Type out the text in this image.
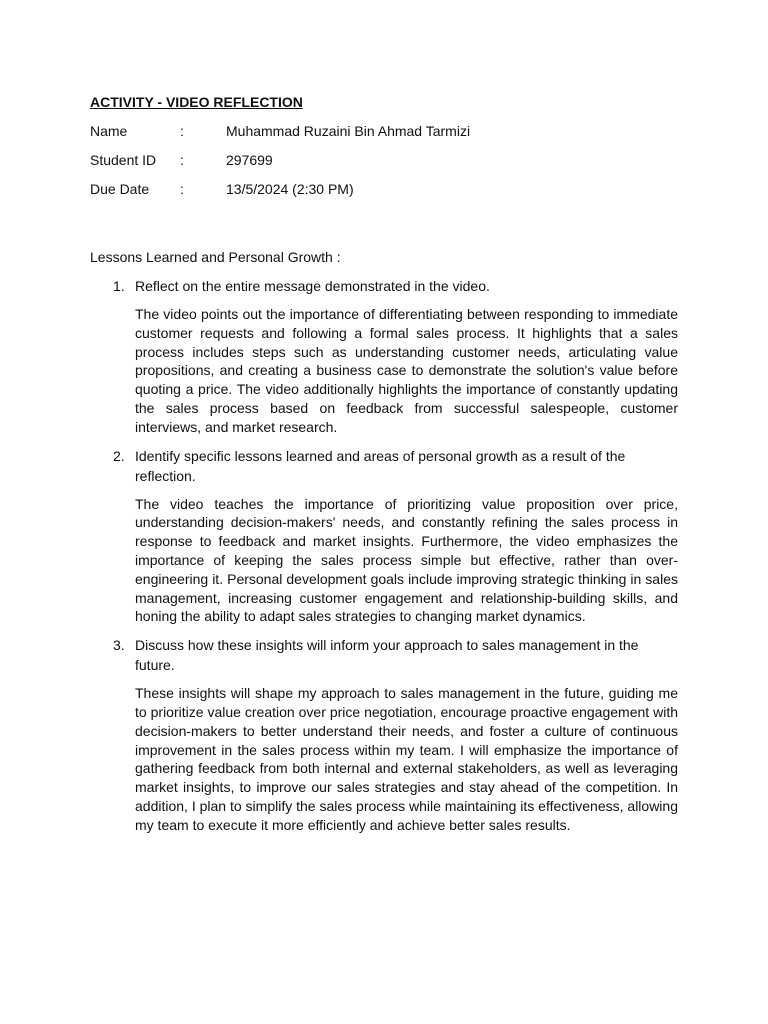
ACTIVITY - VIDEO REFLECTION
Name	:	Muhammad Ruzaini Bin Ahmad Tarmizi
Student ID	:	297699
Due Date	:	13/5/2024 (2:30 PM)
Lessons Learned and Personal Growth :
1. Reflect on the entire message demonstrated in the video.

The video points out the importance of differentiating between responding to immediate customer requests and following a formal sales process. It highlights that a sales process includes steps such as understanding customer needs, articulating value propositions, and creating a business case to demonstrate the solution's value before quoting a price. The video additionally highlights the importance of constantly updating the sales process based on feedback from successful salespeople, customer interviews, and market research.

2. Identify specific lessons learned and areas of personal growth as a result of the reflection.

The video teaches the importance of prioritizing value proposition over price, understanding decision-makers' needs, and constantly refining the sales process in response to feedback and market insights. Furthermore, the video emphasizes the importance of keeping the sales process simple but effective, rather than over-engineering it. Personal development goals include improving strategic thinking in sales management, increasing customer engagement and relationship-building skills, and honing the ability to adapt sales strategies to changing market dynamics.

3. Discuss how these insights will inform your approach to sales management in the future.

These insights will shape my approach to sales management in the future, guiding me to prioritize value creation over price negotiation, encourage proactive engagement with decision-makers to better understand their needs, and foster a culture of continuous improvement in the sales process within my team. I will emphasize the importance of gathering feedback from both internal and external stakeholders, as well as leveraging market insights, to improve our sales strategies and stay ahead of the competition. In addition, I plan to simplify the sales process while maintaining its effectiveness, allowing my team to execute it more efficiently and achieve better sales results.
